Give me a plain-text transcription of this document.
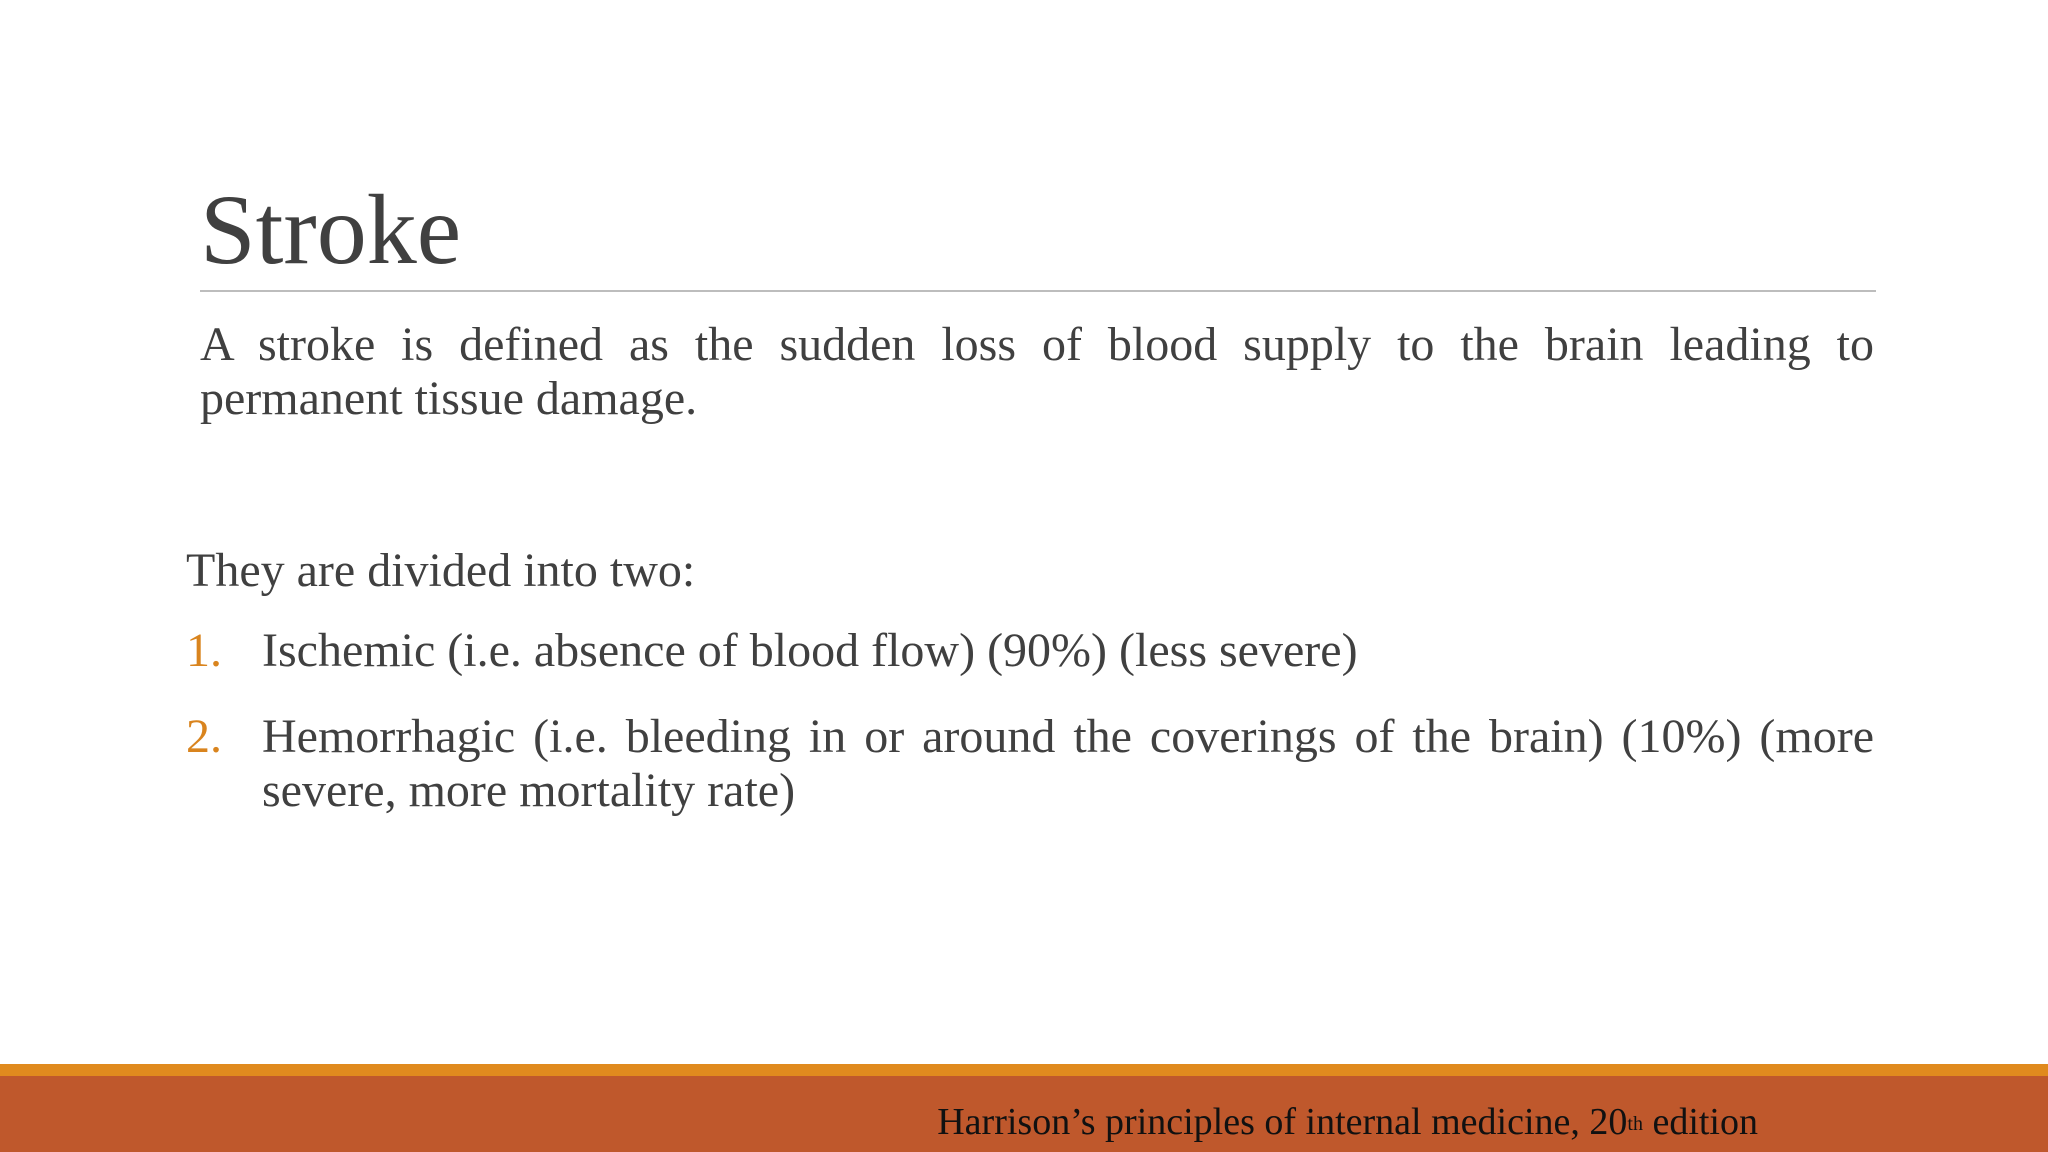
Stroke
A stroke is defined as the sudden loss of blood supply to the brain leading to permanent tissue damage.
They are divided into two:
1. Ischemic (i.e. absence of blood flow) (90%) (less severe)
2. Hemorrhagic (i.e. bleeding in or around the coverings of the brain) (10%) (more severe, more mortality rate)
Harrison’s principles of internal medicine, 20th edition
